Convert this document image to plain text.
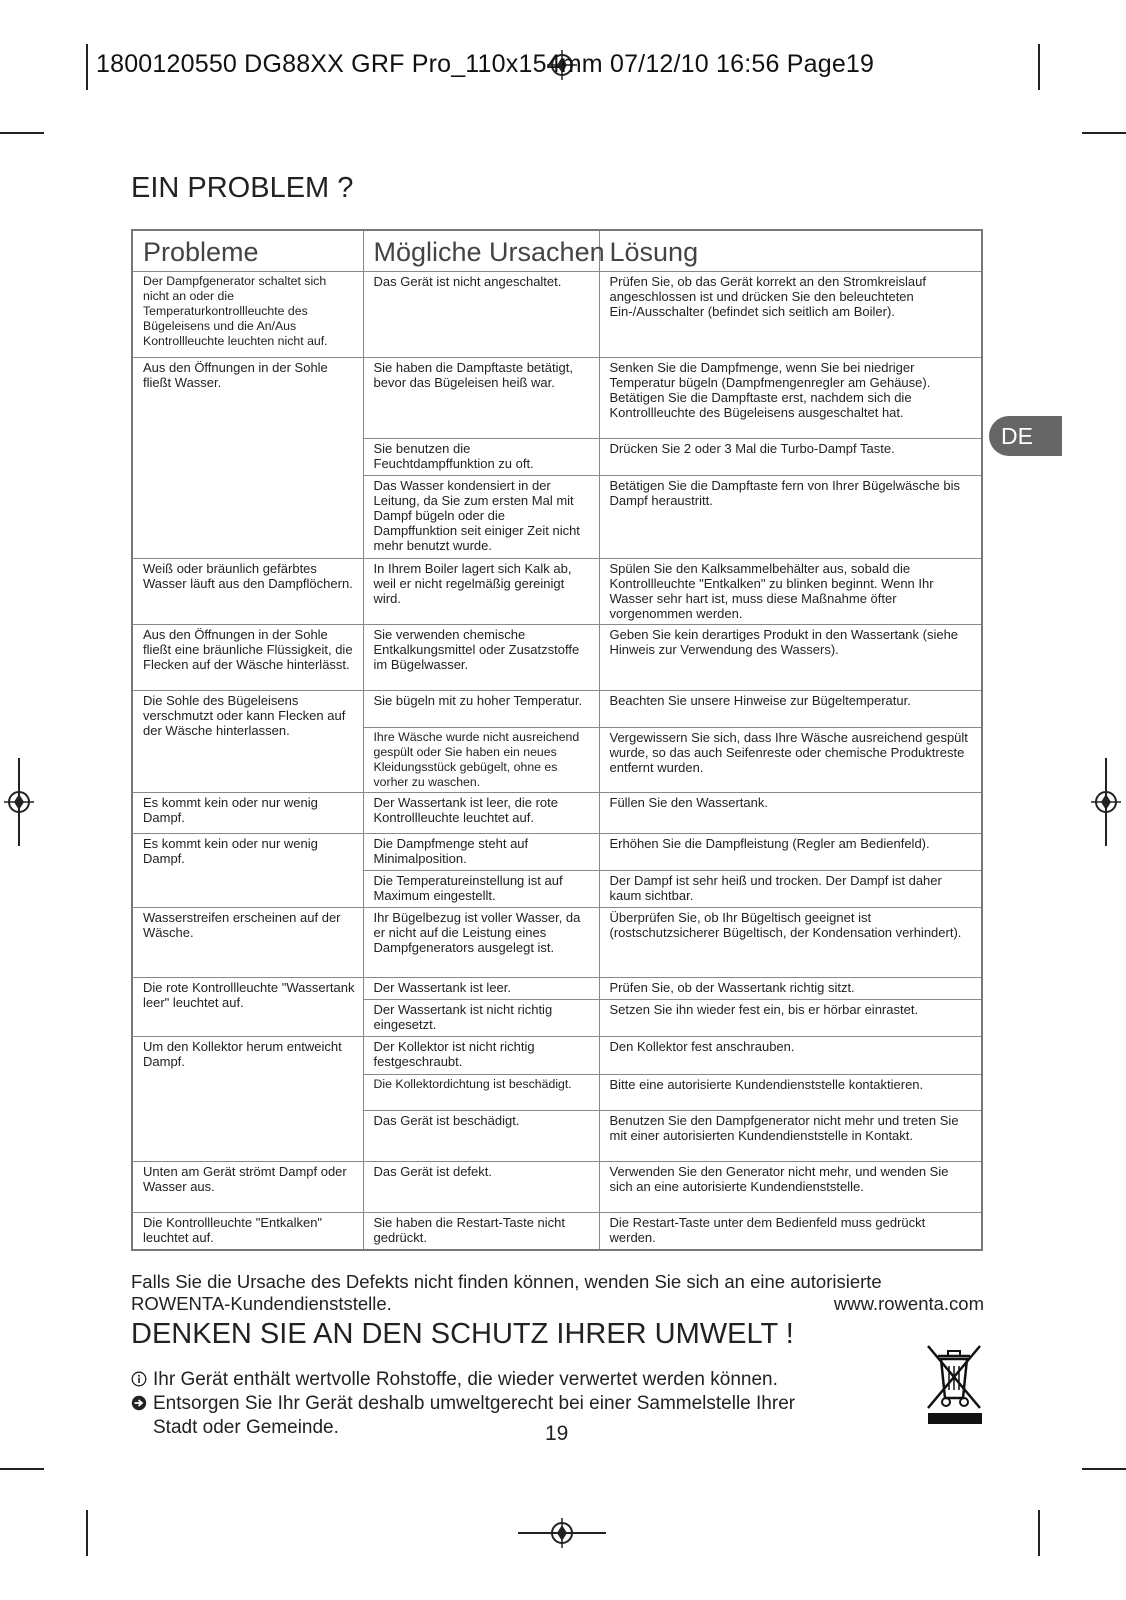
1800120550 DG88XX GRF Pro_110x154mm 07/12/10 16:56 Page19
EIN PROBLEM ?
DE
Probleme	Mögliche Ursachen	Lösung
Der Dampfgenerator schaltet sich nicht an oder die Temperaturkontrollleuchte des Bügeleisens und die An/Aus Kontrollleuchte leuchten nicht auf.	Das Gerät ist nicht angeschaltet.	Prüfen Sie, ob das Gerät korrekt an den Stromkreislauf angeschlossen ist und drücken Sie den beleuchteten Ein-/Ausschalter (befindet sich seitlich am Boiler).
Aus den Öffnungen in der Sohle fließt Wasser.	Sie haben die Dampftaste betätigt, bevor das Bügeleisen heiß war.	Senken Sie die Dampfmenge, wenn Sie bei niedriger Temperatur bügeln (Dampfmengenregler am Gehäuse). Betätigen Sie die Dampftaste erst, nachdem sich die Kontrollleuchte des Bügeleisens ausgeschaltet hat.
	Sie benutzen die Feuchtdampffunktion zu oft.	Drücken Sie 2 oder 3 Mal die Turbo-Dampf Taste.
	Das Wasser kondensiert in der Leitung, da Sie zum ersten Mal mit Dampf bügeln oder die Dampffunktion seit einiger Zeit nicht mehr benutzt wurde.	Betätigen Sie die Dampftaste fern von Ihrer Bügelwäsche bis Dampf heraustritt.
Weiß oder bräunlich gefärbtes Wasser läuft aus den Dampflöchern.	In Ihrem Boiler lagert sich Kalk ab, weil er nicht regelmäßig gereinigt wird.	Spülen Sie den Kalksammelbehälter aus, sobald die Kontrollleuchte "Entkalken" zu blinken beginnt. Wenn Ihr Wasser sehr hart ist, muss diese Maßnahme öfter vorgenommen werden.
Aus den Öffnungen in der Sohle fließt eine bräunliche Flüssigkeit, die Flecken auf der Wäsche hinterlässt.	Sie verwenden chemische Entkalkungsmittel oder Zusatzstoffe im Bügelwasser.	Geben Sie kein derartiges Produkt in den Wassertank (siehe Hinweis zur Verwendung des Wassers).
Die Sohle des Bügeleisens verschmutzt oder kann Flecken auf der Wäsche hinterlassen.	Sie bügeln mit zu hoher Temperatur.	Beachten Sie unsere Hinweise zur Bügeltemperatur.
	Ihre Wäsche wurde nicht ausreichend gespült oder Sie haben ein neues Kleidungsstück gebügelt, ohne es vorher zu waschen.	Vergewissern Sie sich, dass Ihre Wäsche ausreichend gespült wurde, so das auch Seifenreste oder chemische Produktreste entfernt wurden.
Es kommt kein oder nur wenig Dampf.	Der Wassertank ist leer, die rote Kontrollleuchte leuchtet auf.	Füllen Sie den Wassertank.
Es kommt kein oder nur wenig Dampf.	Die Dampfmenge steht auf Minimalposition.	Erhöhen Sie die Dampfleistung (Regler am Bedienfeld).
	Die Temperatureinstellung ist auf Maximum eingestellt.	Der Dampf ist sehr heiß und trocken. Der Dampf ist daher kaum sichtbar.
Wasserstreifen erscheinen auf der Wäsche.	Ihr Bügelbezug ist voller Wasser, da er nicht auf die Leistung eines Dampfgenerators ausgelegt ist.	Überprüfen Sie, ob Ihr Bügeltisch geeignet ist (rostschutzsicherer Bügeltisch, der Kondensation verhindert).
Die rote Kontrollleuchte "Wassertank leer" leuchtet auf.	Der Wassertank ist leer.	Prüfen Sie, ob der Wassertank richtig sitzt.
	Der Wassertank ist nicht richtig eingesetzt.	Setzen Sie ihn wieder fest ein, bis er hörbar einrastet.
Um den Kollektor herum entweicht Dampf.	Der Kollektor ist nicht richtig festgeschraubt.	Den Kollektor fest anschrauben.
	Die Kollektordichtung ist beschädigt.	Bitte eine autorisierte Kundendienststelle kontaktieren.
	Das Gerät ist beschädigt.	Benutzen Sie den Dampfgenerator nicht mehr und treten Sie mit einer autorisierten Kundendienststelle in Kontakt.
Unten am Gerät strömt Dampf oder Wasser aus.	Das Gerät ist defekt.	Verwenden Sie den Generator nicht mehr, und wenden Sie sich an eine autorisierte Kundendienststelle.
Die Kontrollleuchte "Entkalken" leuchtet auf.	Sie haben die Restart-Taste nicht gedrückt.	Die Restart-Taste unter dem Bedienfeld muss gedrückt werden.
Falls Sie die Ursache des Defekts nicht finden können, wenden Sie sich an eine autorisierte
ROWENTA-Kundendienststelle.	www.rowenta.com
DENKEN SIE AN DEN SCHUTZ IHRER UMWELT !
Ihr Gerät enthält wertvolle Rohstoffe, die wieder verwertet werden können.
Entsorgen Sie Ihr Gerät deshalb umweltgerecht bei einer Sammelstelle Ihrer
Stadt oder Gemeinde.	19
